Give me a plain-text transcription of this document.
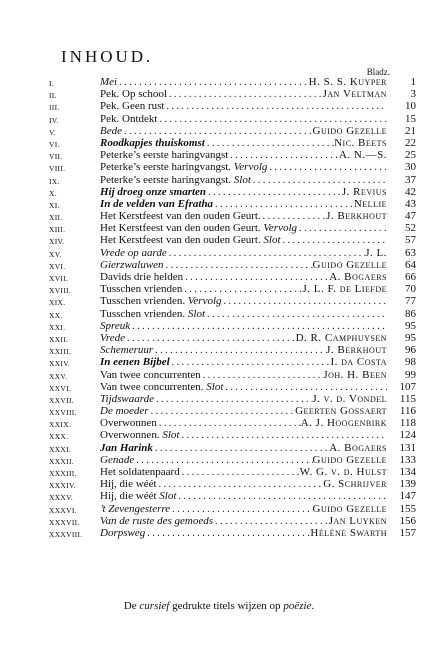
INHOUD.
Bladz.
I.	Mei . . .	H. S. S. Kuyper	1
II.	Pek. Op school . . .	Jan Veltman	3
III.	Pek. Geen rust . . .	10
IV.	Pek. Ontdekt . . .	15
V.	Bede . . .	Guido Gezelle	21
VI.	Roodkapjes thuiskomst . . .	Nic. Beets	22
VII.	Peterke’s eerste haringvangst . . .	A. N.—S.	25
VIII.	Peterke’s eerste haringvangst.
Vervolg . . .	30
IX.	Peterke’s eerste haringvangst.
Slot . . .	37
X.	Hij droeg onze smarten . . .	J. Revius	42
XI.	In de velden van Efratha . . .	Nellie	43
XII.	Het Kerstfeest van den ouden Geurt. . . .	J. Berkhout	47
XIII.	Het Kerstfeest van den ouden Geurt.
Vervolg . . .	52
XIV.	Het Kerstfeest van den ouden Geurt.
Slot . . .	57
XV.	Vrede op aarde . . .	J. L.	63
XVI.	Gierzwaluwen . . .	Guido Gezelle	64
XVII.	Davids drie helden . . .	A. Bogaers	66
XVIII.	Tusschen vrienden . . .	J. L. F. de Liefde	70
XIX.	Tusschen vrienden.
Vervolg . . .	77
XX.	Tusschen vrienden.
Slot . . .	86
XXI.	Spreuk . . .	95
XXII.	Vrede . . .	D. R. Camphuysen	95
XXIII.	Schemeruur . . .	J. Berkhout	96
XXIV.	In eenen Bijbel . . .	I. da Costa	98
XXV.	Van twee concurrenten . . .	Joh. H. Been	99
XXVI.	Van twee concurrenten.
Slot . . .	107
XXVII. Tijdswaarde . . .	J. v. d. Vondel	115
XXVIII. De moeder . . .	Geerten Gossaert	116
XXIX.	Overwonnen . . .	A. J. Hoogenbirk	118
XXX.	Overwonnen.
Slot . . .	124
XXXI.	Jan Harink . . .	A. Bogaers	131
XXXII. Genade . . .	Guido Gezelle	133
XXXIII. Het soldatenpaard . . .	W. G. v. d. Hulst	134
XXXIV. Hij, die wéét . . .	G. Schrijver	139
XXXV. Hij, die wéét
Slot . . .	147
XXXVI. ’t Zevengesterre . . .	Guido Gezelle	155
XXXVII. Van de ruste des gemoeds . . .	Jan Luyken	156
XXXVIII. Dorpsweg . . .	Hélène Swarth	157
De cursief gedrukte titels wijzen op poëzie.
